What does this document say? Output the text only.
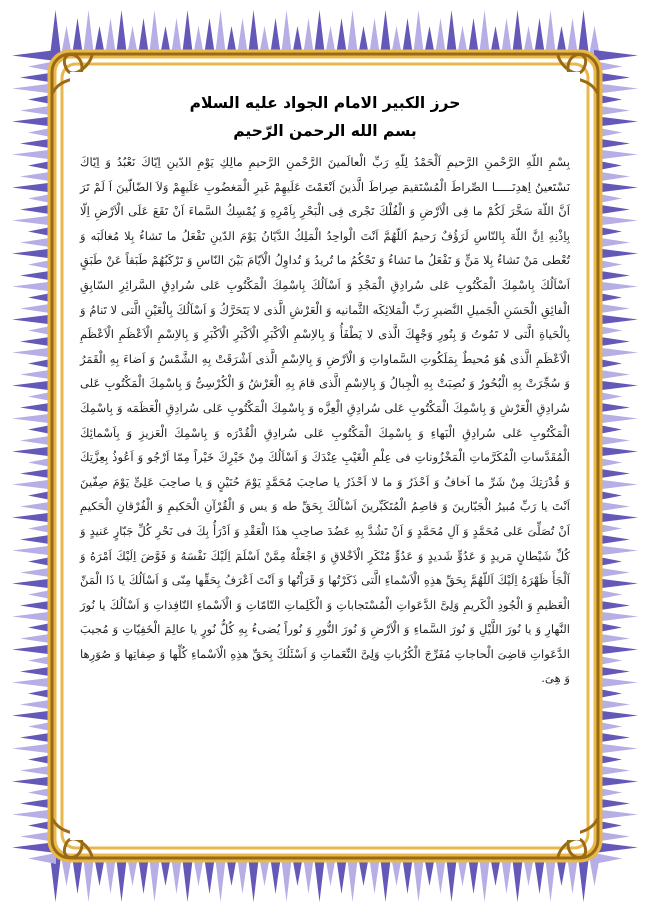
حرز الكبير الامام الجواد عليه السلام
بسم الله الرحمن الرّحيم
بِسْمِ اللّهِ الرَّحْمنِ الرَّحيمِ اَلْحَمْدُ لِلّهِ رَبِّ الْعالَمينَ الرَّحْمنِ الرَّحيمِ مالِكِ يَوْمِ الدّينِ اِيّاكَ نَعْبُدُ وَ اِيّاكَ نَسْتَعينُ اِهدِنَـــــا الصِّراطَ الْمُسْتَقيمَ صِراطَ الَّذينَ اَنْعَمْتَ عَلَيهِمْ غَيرِ الْمَغضُوبِ عَلَيهِمْ وَلاَ الضّالّينَ اَ لَمْ تَرَ اَنَّ اللّهَ سَخَّرَ لَكُمْ ما فِى الْاَرْضِ وَ الْفُلْكَ تَجْرى فِى الْبَحْرِ بِاَمْرِهِ وَ يُمْسِكُ السَّماءَ اَنْ تَقَعَ عَلَى الْاَرْضِ اِلّا بِاِذْنِهِ اِنَّ اللّهَ بِالنّاسِ لَرَؤُفٌ رَحيمٌ اَللّهُمَّ اَنْتَ الْواحِدُ الْمَلِكُ الدَّيّانُ يَوْمَ الدّينِ تَفْعَلُ ما تَشاءُ بِلا مُغالَبَه وَ تُعْطى مَنْ تَشاءُ بِلا مَنٍّ وَ تَفْعَلُ ما تَشاءُ وَ تَحْكُمُ ما تُريدُ وَ تُداوِلُ الْاَيّامَ بَيْنَ النّاسِ وَ تَرْكَبُهُمْ طَبَقاً عَنْ طَبَقٍ اَسْاَلُكَ بِاسْمِكَ الْمَكْتُوبِ عَلى سُرادِقِ الْمَجْدِ وَ اَسْاَلُكَ بِاسْمِكَ الْمَكْتُوبِ عَلى سُرادِقِ السَّرائِرِ السّابِقِ الْفائِقِ الْحَسَنِ الْجَميلِ النَّضيرِ رَبِّ الْمَلائِكَه الثَّمانيه وَ الْعَرْشِ الَّذى لا يَتَحَرَّكُ وَ اَسْاَلُكَ بِالْعَيْنِ الَّتى لا تَنامُ وَ بِالْحَياةِ الَّتى لا تَمُوتُ وَ بِنُورِ وَجْهِكَ الَّذى لا يَطْفَأُ وَ بِالاِسْمِ الْاَكْبَرِ الْاَكْبَرِ الْاَكْبَرِ وَ بِالاِسْمِ الْاَعْظَمِ الْاَعْظَمِ الْاَعْظَمِ الَّذى هُوَ مُحيطٌ بِمَلَكُوتِ السَّماواتِ وَ الْاَرْضِ وَ بِالاِسْمِ الَّذى اَشْرَقَتْ بِهِ الشَّمْسُ وَ اَضاءَ بِهِ الْقَمَرُ وَ سُجِّرَتْ بِهِ الْبُحُورُ وَ نُصِبَتْ بِهِ الْجِبالُ وَ بِالاِسْمِ الَّذى قامَ بِهِ الْعَرْشُ وَ الْكُرْسِىُّ وَ بِاسْمِكَ الْمَكْتُوبِ عَلى سُرادِقِ الْعَرْشِ وَ بِاسْمِكَ الْمَكْتُوبِ عَلى سُرادِقِ الْعِزَّه وَ بِاسْمِكَ الْمَكْتُوبِ عَلى سُرادِقِ الْعَظَمَه وَ بِاسْمِكَ الْمَكْتُوبِ عَلى سُرادِقِ الْبَهاءِ وَ بِاسْمِكَ الْمَكْتُوبِ عَلى سُرادِقِ الْقُدْرَه وَ بِاسْمِكَ الْعَزيزِ وَ بِاَسْمائِكَ الْمُقَدَّساتِ الْمُكَرَّماتِ الْمَخْزُوناتِ فى عِلْمِ الْغَيْبِ عِنْدَكَ وَ اَسْاَلُكَ مِنْ خَيْرِكَ خَيْراً مِمّا اَرْجُو وَ اَعُوذُ بِعِزَّتِكَ وَ قُدْرَتِكَ مِنْ شَرِّ ما اَخافُ وَ اَحْذَرُ وَ ما لا اَحْذَرُ يا صاحِبَ مُحَمَّدٍ يَوْمَ حُنَيْنٍ وَ يا صاحِبَ عَلِىٍّ يَوْمَ صِفّينَ اَنْتَ يا رَبِّ مُبيرُ الْجَبّارينَ وَ قاصِمُ الْمُتَكَبِّرينَ اَسْاَلُكَ بِحَقِّ طه وَ يس وَ الْقُرْآنِ الْحَكيمِ وَ الْفُرْقانِ الْحَكيمِ اَنْ تُصَلِّىَ عَلى مُحَمَّدٍ وَ آلِ مُحَمَّدٍ وَ اَنْ تَشُدَّ بِهِ عَضُدَ صاحِبِ هذَا الْعَقْدِ وَ اَدْرَأُ بِكَ فى نَحْرِ كُلِّ جَبّارٍ عَنيدٍ وَ كُلِّ شَيْطانٍ مَريدٍ وَ عَدُوٍّ شَديدٍ وَ عَدُوٍّ مُنْكَرِ الْاَخْلاقِ وَ اجْعَلْهُ مِمَّنْ اَسْلَمَ اِلَيْكَ نَفْسَهُ وَ فَوَّضَ اِلَيْكَ اَمْرَهُ وَ اَلْجَأَ ظَهْرَهُ اِلَيْكَ اَللّهُمَّ بِحَقِّ هذِهِ الْاَسْماءِ الَّتى ذَكَرْتُها وَ قَرَاْتُها وَ اَنْتَ اَعْرَفُ بِحَقِّها مِنّى وَ اَسْاَلُكَ يا ذَا الْمَنِّ الْعَظيمِ وَ الْجُودِ الْكَريمِ وَلِىَّ الدَّعَواتِ الْمُسْتَجاباتِ وَ الْكَلِماتِ التّامّاتِ وَ الْاَسْماءِ النّافِذاتِ وَ اَسْاَلُكَ يا نُورَ النَّهارِ وَ يا نُورَ اللَّيْلِ وَ نُورَ السَّماءِ وَ الْاَرْضِ وَ نُورَ النُّورِ وَ نُوراً يُضىءُ بِهِ كُلُّ نُورٍ يا عالِمَ الْخَفِيّاتِ وَ مُجيبَ الدَّعَواتِ قاضِىَ الْحاجاتِ مُفَرِّجَ الْكُرُباتِ وَلِىَّ النِّعَماتِ وَ اَسْئَلُكَ بِحَقِّ هذِهِ الْاَسْماءِ كُلِّها وَ صِفاتِها وَ صُوَرِها وَ هِىَ.
